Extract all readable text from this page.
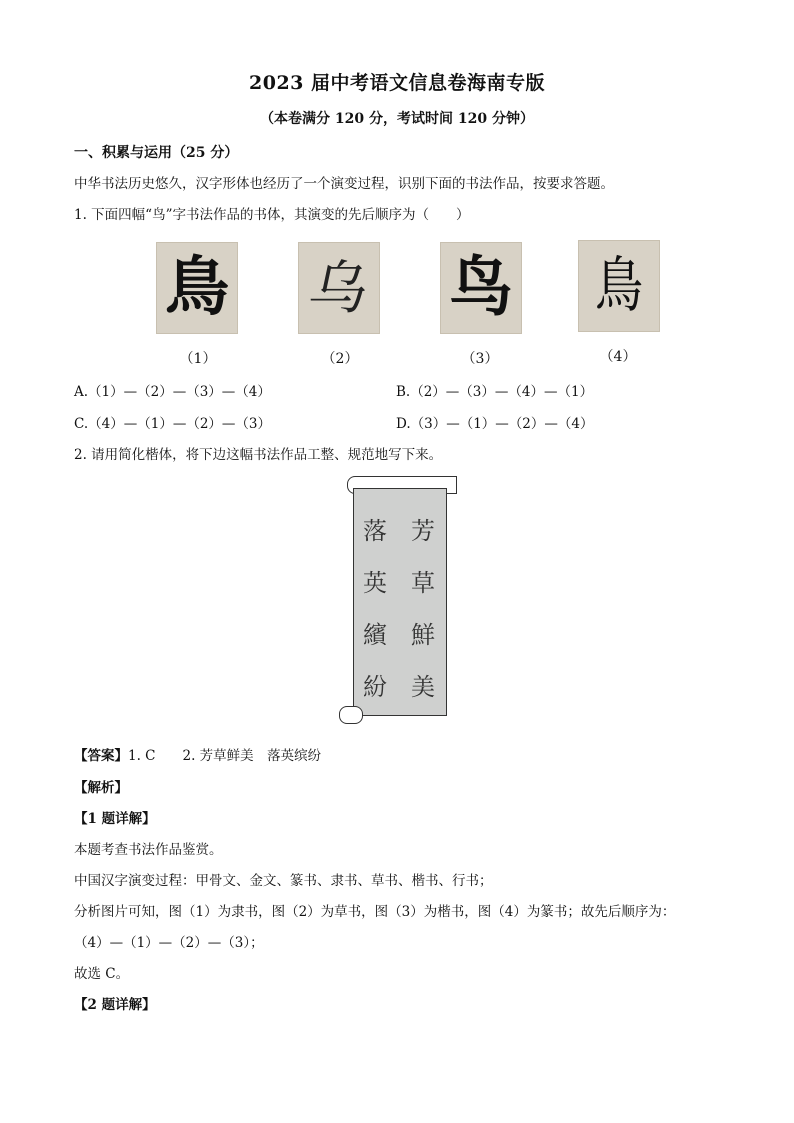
2023 届中考语文信息卷海南专版
（本卷满分 120 分，考试时间 120 分钟）
一、积累与运用（25 分）
中华书法历史悠久，汉字形体也经历了一个演变过程，识别下面的书法作品，按要求答题。
1. 下面四幅“鸟”字书法作品的书体，其演变的先后顺序为（　　）
鳥 乌 鸟 鳥
（1）	（2）	（3）	（4）
A.（1）—（2）—（3）—（4）	B.（2）—（3）—（4）—（1）
C.（4）—（1）—（2）—（3）	D.（3）—（1）—（2）—（4）
2. 请用简化楷体，将下边这幅书法作品工整、规范地写下来。
芳
草
鮮
美
落
英
繽
紛
【答案】1. C　　2. 芳草鲜美　落英缤纷
【解析】
【1 题详解】
本题考查书法作品鉴赏。
中国汉字演变过程：甲骨文、金文、篆书、隶书、草书、楷书、行书；
分析图片可知，图（1）为隶书，图（2）为草书，图（3）为楷书，图（4）为篆书；故先后顺序为：
（4）—（1）—（2）—（3）；
故选 C。
【2 题详解】
